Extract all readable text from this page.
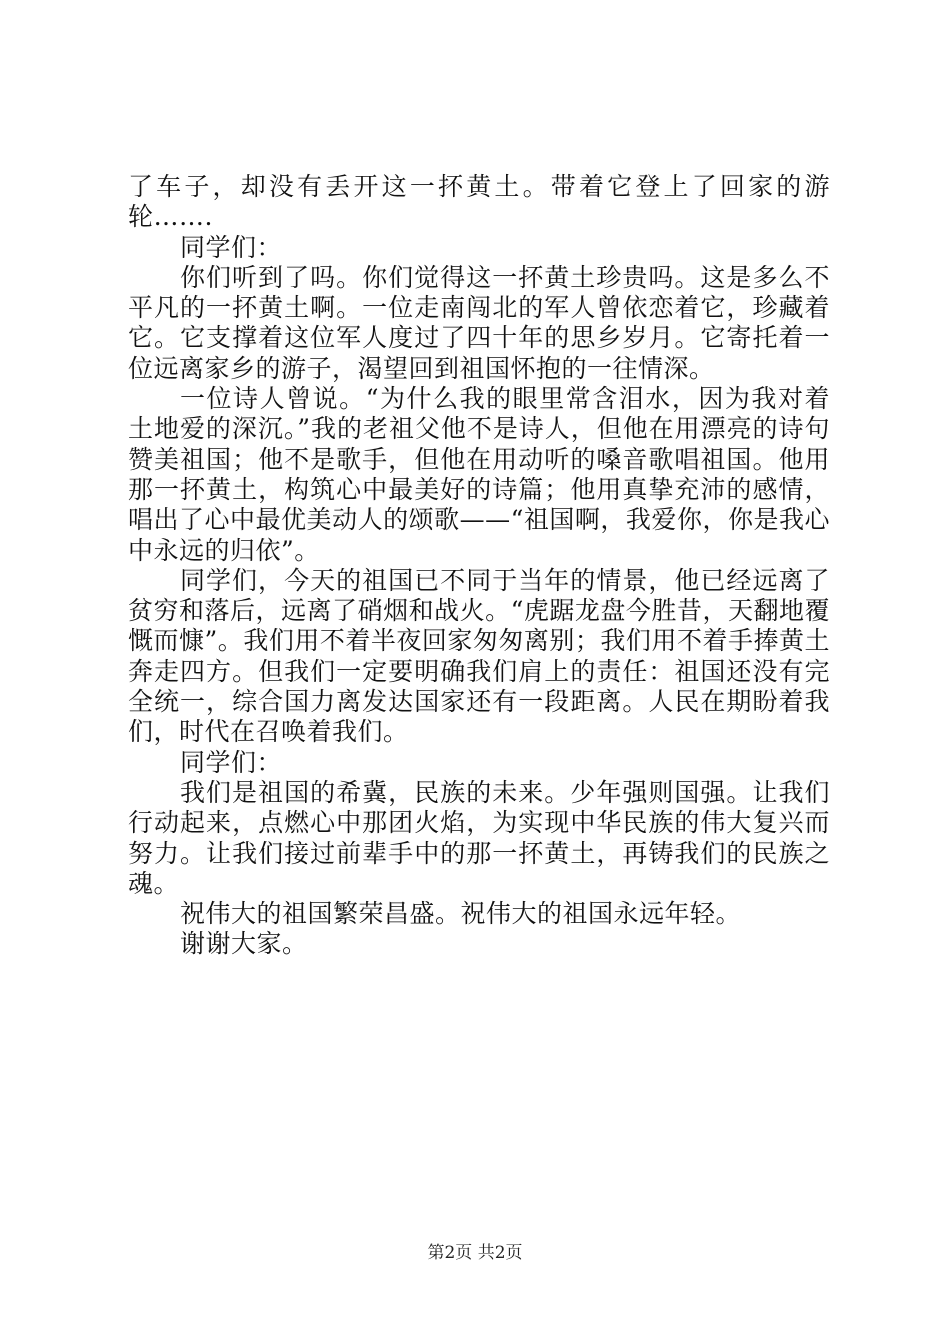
了车子，却没有丢开这一抔黄土。带着它登上了回家的游轮…….

同学们：

你们听到了吗。你们觉得这一抔黄土珍贵吗。这是多么不平凡的一抔黄土啊。一位走南闯北的军人曾依恋着它，珍藏着它。它支撑着这位军人度过了四十年的思乡岁月。它寄托着一位远离家乡的游子，渴望回到祖国怀抱的一往情深。

一位诗人曾说。“为什么我的眼里常含泪水，因为我对着土地爱的深沉。”我的老祖父他不是诗人，但他在用漂亮的诗句赞美祖国；他不是歌手，但他在用动听的嗓音歌唱祖国。他用那一抔黄土，构筑心中最美好的诗篇；他用真挚充沛的感情，唱出了心中最优美动人的颂歌——“祖国啊，我爱你，你是我心中永远的归依”。

同学们，今天的祖国已不同于当年的情景，他已经远离了贫穷和落后，远离了硝烟和战火。“虎踞龙盘今胜昔，天翻地覆慨而慷”。我们用不着半夜回家匆匆离别；我们用不着手捧黄土奔走四方。但我们一定要明确我们肩上的责任：祖国还没有完全统一，综合国力离发达国家还有一段距离。人民在期盼着我们，时代在召唤着我们。

同学们：

我们是祖国的希冀，民族的未来。少年强则国强。让我们行动起来，点燃心中那团火焰，为实现中华民族的伟大复兴而努力。让我们接过前辈手中的那一抔黄土，再铸我们的民族之魂。

祝伟大的祖国繁荣昌盛。祝伟大的祖国永远年轻。

谢谢大家。

第2页 共2页
